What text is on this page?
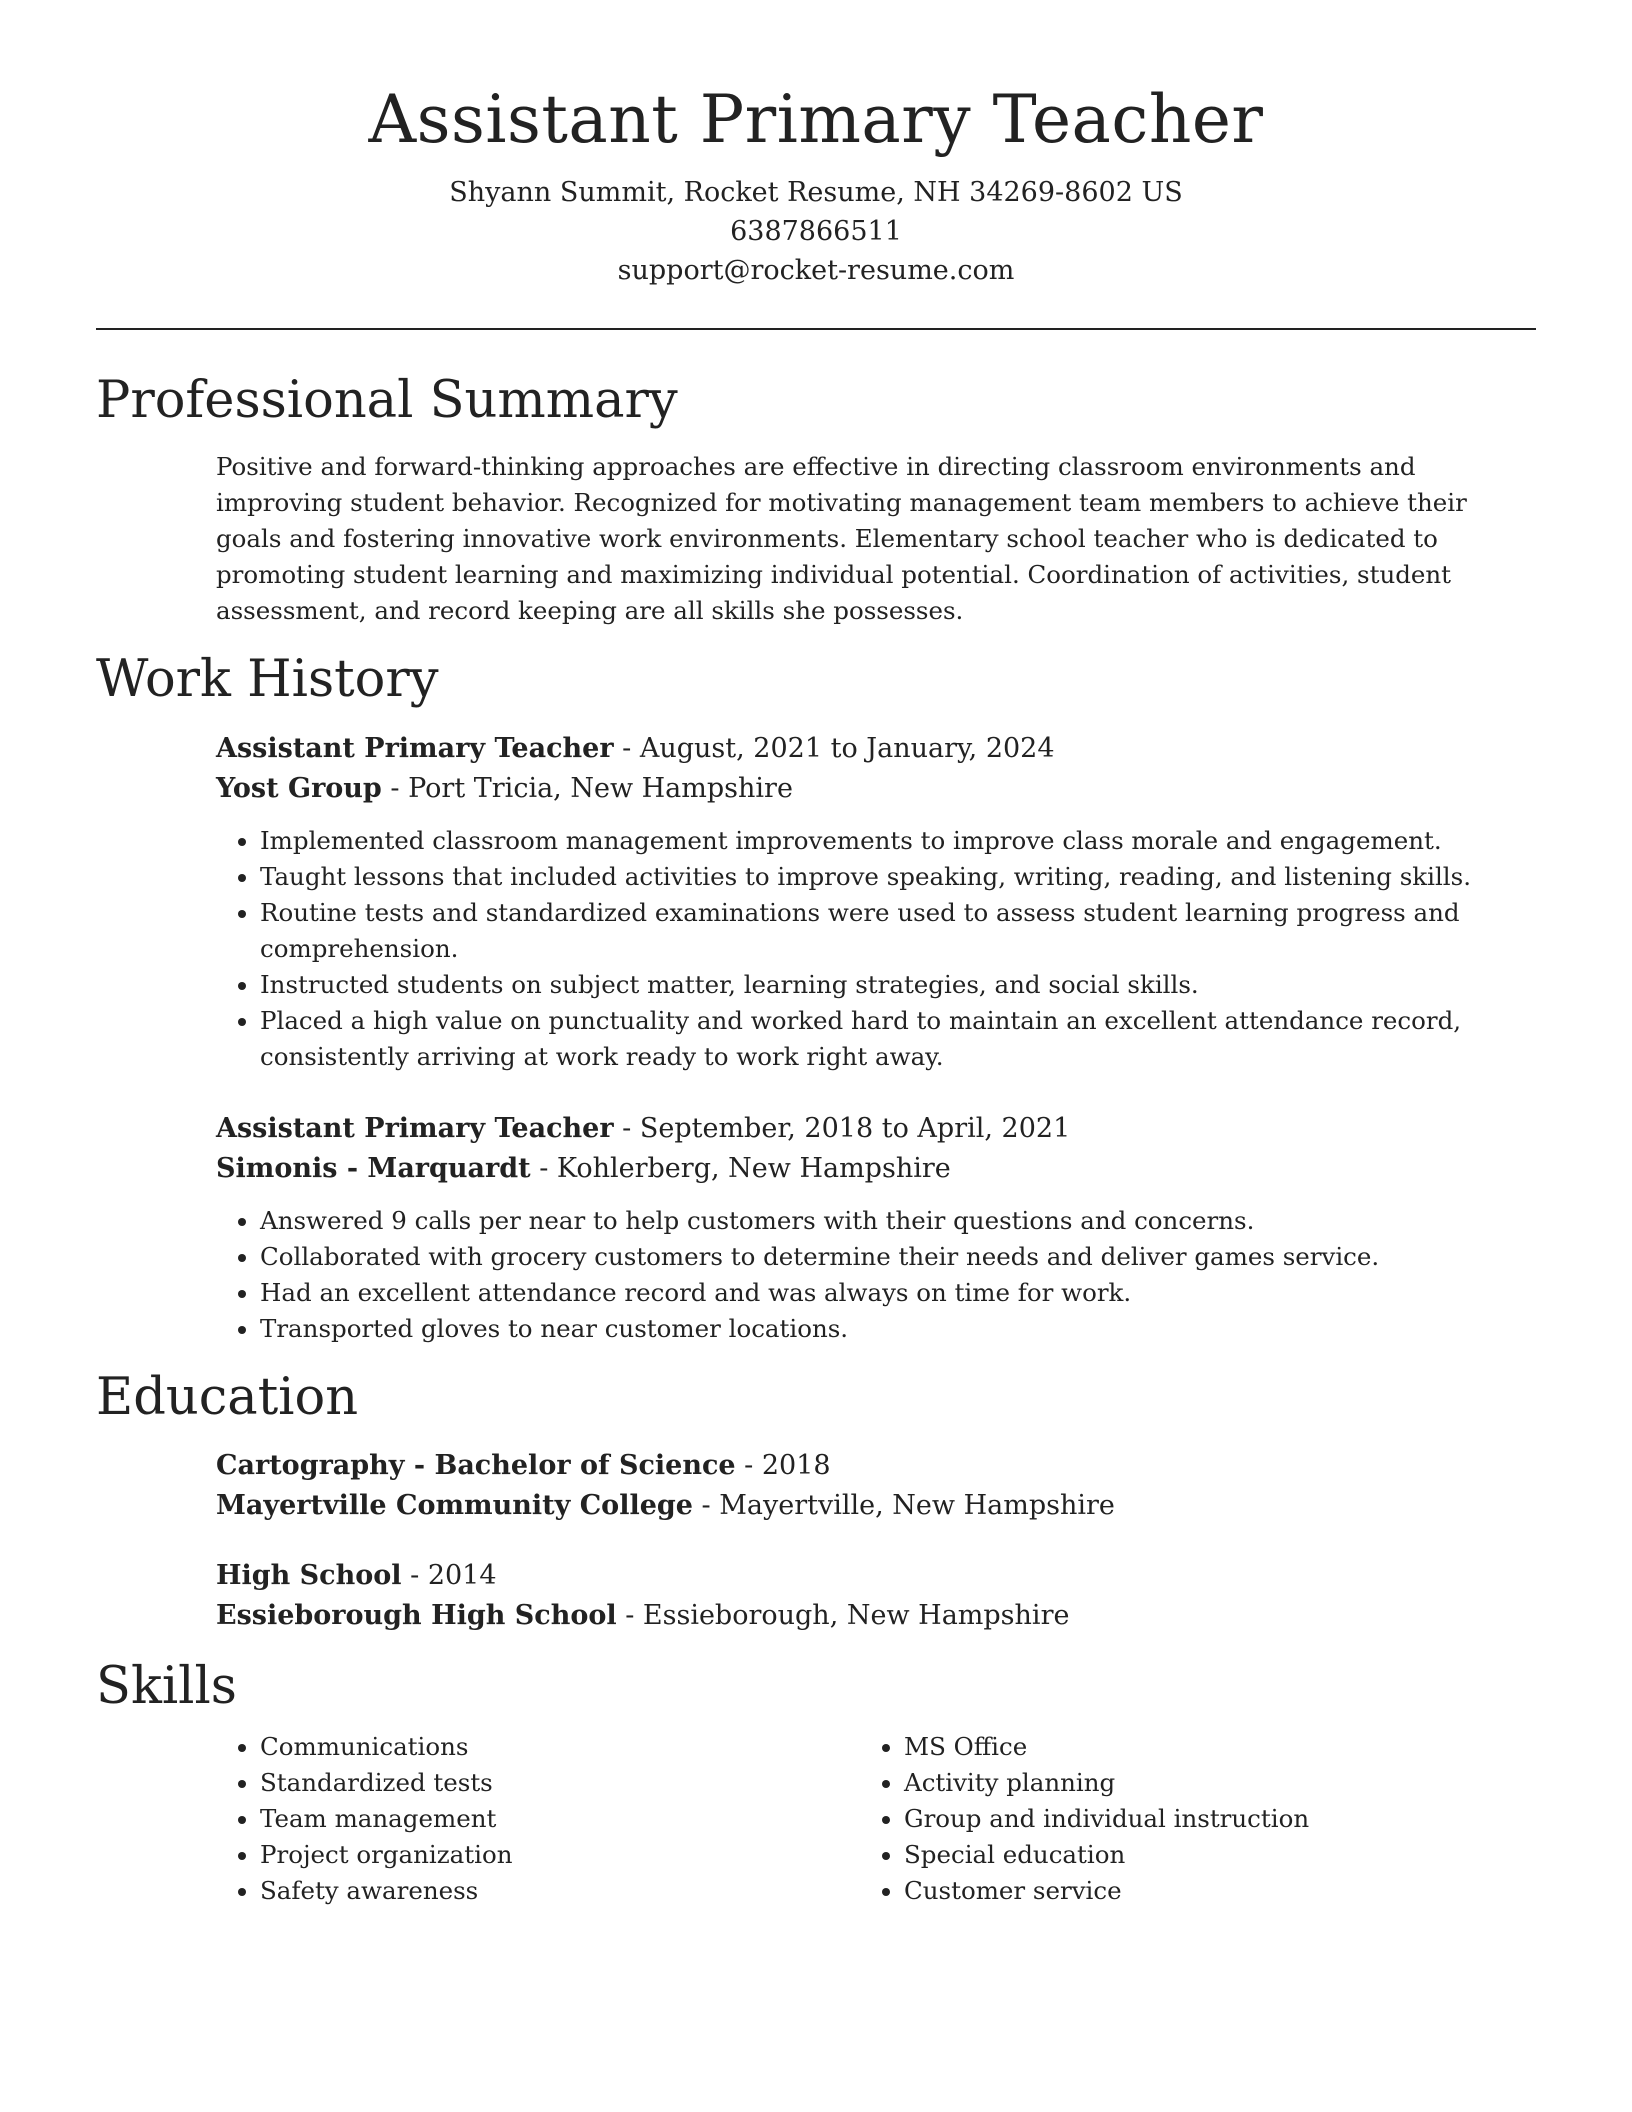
Assistant Primary Teacher
Shyann Summit, Rocket Resume, NH 34269-8602 US
6387866511
support@rocket-resume.com
Professional Summary
Positive and forward-thinking approaches are effective in directing classroom environments and improving student behavior. Recognized for motivating management team members to achieve their goals and fostering innovative work environments. Elementary school teacher who is dedicated to promoting student learning and maximizing individual potential. Coordination of activities, student assessment, and record keeping are all skills she possesses.
Work History
Assistant Primary Teacher - August, 2021 to January, 2024
Yost Group - Port Tricia, New Hampshire
• Implemented classroom management improvements to improve class morale and engagement.
• Taught lessons that included activities to improve speaking, writing, reading, and listening skills.
• Routine tests and standardized examinations were used to assess student learning progress and comprehension.
• Instructed students on subject matter, learning strategies, and social skills.
• Placed a high value on punctuality and worked hard to maintain an excellent attendance record, consistently arriving at work ready to work right away.
Assistant Primary Teacher - September, 2018 to April, 2021
Simonis - Marquardt - Kohlerberg, New Hampshire
• Answered 9 calls per near to help customers with their questions and concerns.
• Collaborated with grocery customers to determine their needs and deliver games service.
• Had an excellent attendance record and was always on time for work.
• Transported gloves to near customer locations.
Education
Cartography - Bachelor of Science - 2018
Mayertville Community College - Mayertville, New Hampshire
High School - 2014
Essieborough High School - Essieborough, New Hampshire
Skills
• Communications
• Standardized tests
• Team management
• Project organization
• Safety awareness
• MS Office
• Activity planning
• Group and individual instruction
• Special education
• Customer service
